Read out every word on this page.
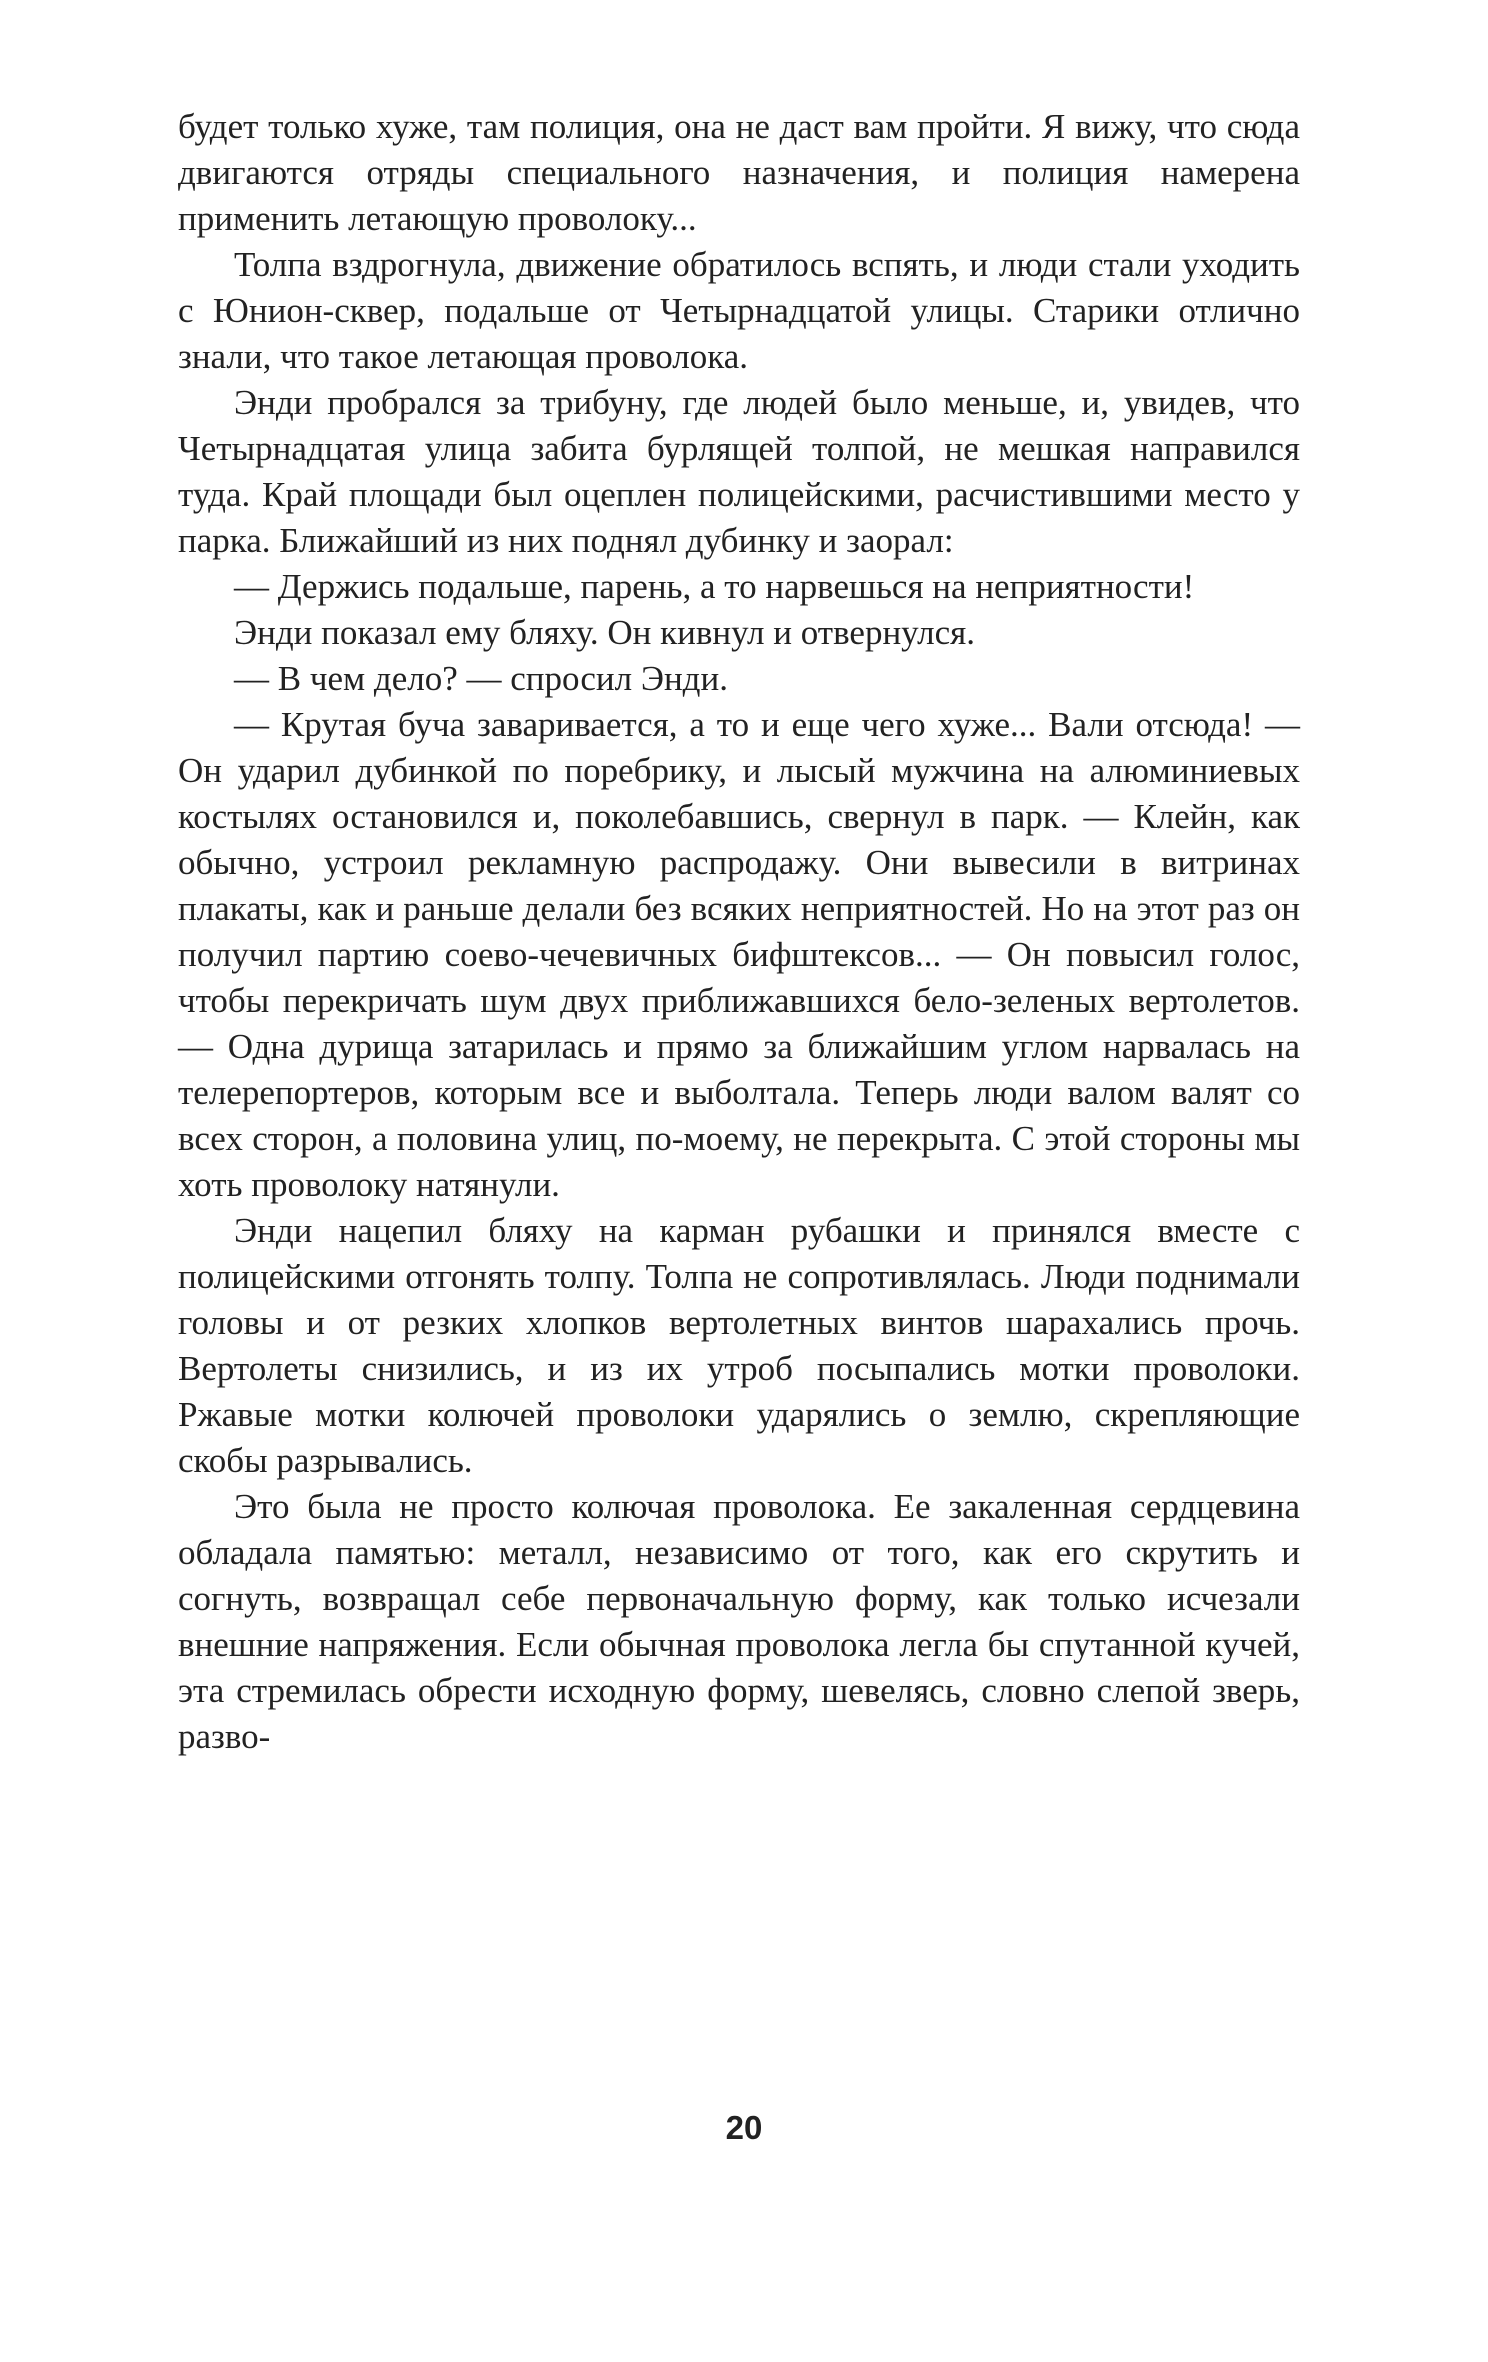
будет только хуже, там полиция, она не даст вам пройти. Я вижу, что сюда двигаются отряды специального назначения, и полиция намерена применить летающую проволоку...

Толпа вздрогнула, движение обратилось вспять, и люди стали уходить с Юнион-сквер, подальше от Четырнадцатой улицы. Старики отлично знали, что такое летающая проволока.

Энди пробрался за трибуну, где людей было меньше, и, увидев, что Четырнадцатая улица забита бурлящей толпой, не мешкая направился туда. Край площади был оцеплен полицейскими, расчистившими место у парка. Ближайший из них поднял дубинку и заорал:

— Держись подальше, парень, а то нарвешься на неприятности!

Энди показал ему бляху. Он кивнул и отвернулся.

— В чем дело? — спросил Энди.

— Крутая буча заваривается, а то и еще чего хуже... Вали отсюда! — Он ударил дубинкой по поребрику, и лысый мужчина на алюминиевых костылях остановился и, поколебавшись, свернул в парк. — Клейн, как обычно, устроил рекламную распродажу. Они вывесили в витринах плакаты, как и раньше делали без всяких неприятностей. Но на этот раз он получил партию соево-чечевичных бифштексов... — Он повысил голос, чтобы перекричать шум двух приближавшихся бело-зеленых вертолетов. — Одна дурища затарилась и прямо за ближайшим углом нарвалась на телерепортеров, которым все и выболтала. Теперь люди валом валят со всех сторон, а половина улиц, по-моему, не перекрыта. С этой стороны мы хоть проволоку натянули.

Энди нацепил бляху на карман рубашки и принялся вместе с полицейскими отгонять толпу. Толпа не сопротивлялась. Люди поднимали головы и от резких хлопков вертолетных винтов шарахались прочь. Вертолеты снизились, и из их утроб посыпались мотки проволоки. Ржавые мотки колючей проволоки ударялись о землю, скрепляющие скобы разрывались.

Это была не просто колючая проволока. Ее закаленная сердцевина обладала памятью: металл, независимо от того, как его скрутить и согнуть, возвращал себе первоначальную форму, как только исчезали внешние напряжения. Если обычная проволока легла бы спутанной кучей, эта стремилась обрести исходную форму, шевелясь, словно слепой зверь, разво-

20
